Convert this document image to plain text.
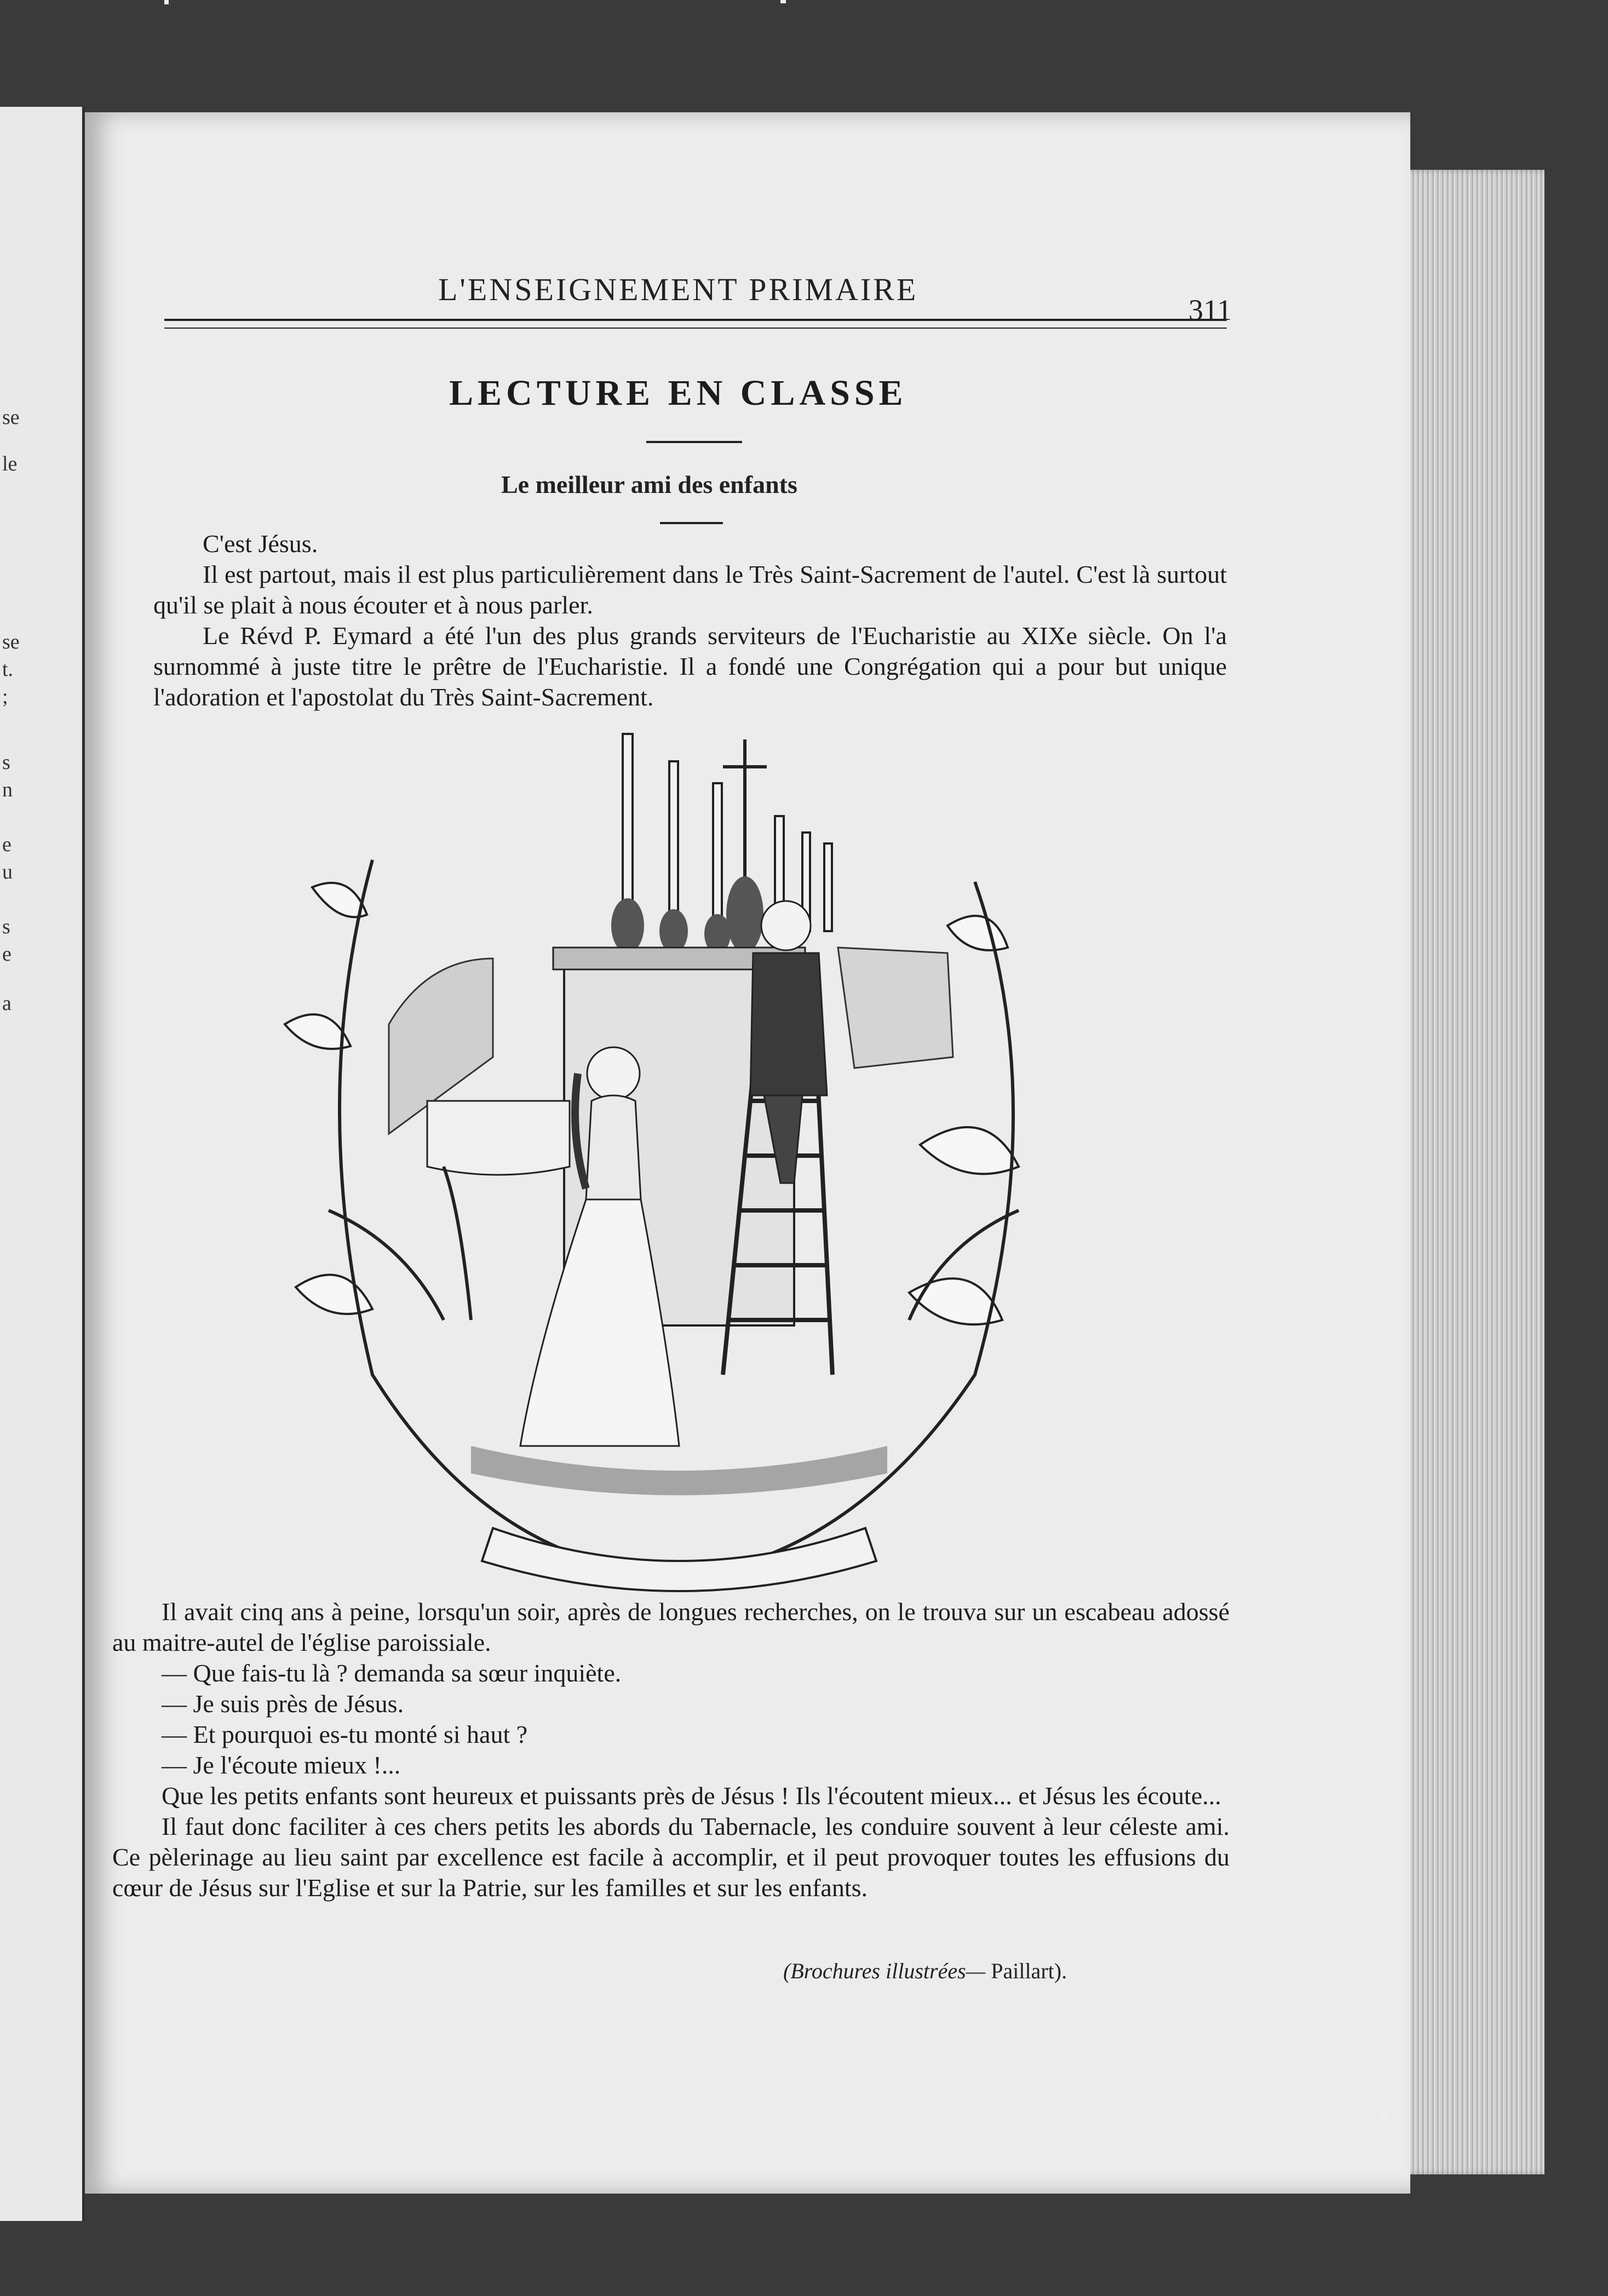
se
le
se
t.
;
s
n
e
u
s
e
a
L'ENSEIGNEMENT PRIMAIRE
311
LECTURE EN CLASSE
Le meilleur ami des enfants

C'est Jésus.

Il est partout, mais il est plus particulièrement dans le Très Saint-Sacrement de l'autel. C'est là surtout qu'il se plait à nous écouter et à nous parler.

Le Révd P. Eymard a été l'un des plus grands serviteurs de l'Eucharistie au XIXe siècle. On l'a surnommé à juste titre le prêtre de l'Eucharistie. Il a fondé une Congrégation qui a pour but unique l'adoration et l'apostolat du Très Saint-Sacrement.

Il avait cinq ans à peine, lorsqu'un soir, après de longues recherches, on le trouva sur un escabeau adossé au maitre-autel de l'église paroissiale.

— Que fais-tu là ? demanda sa sœur inquiète.

— Je suis près de Jésus.

— Et pourquoi es-tu monté si haut ?

— Je l'écoute mieux !...

Que les petits enfants sont heureux et puissants près de Jésus ! Ils l'écoutent mieux... et Jésus les écoute...

Il faut donc faciliter à ces chers petits les abords du Tabernacle, les conduire souvent à leur céleste ami. Ce pèlerinage au lieu saint par excellence est facile à accomplir, et il peut provoquer toutes les effusions du cœur de Jésus sur l'Eglise et sur la Patrie, sur les familles et sur les enfants.

(Brochures illustrées— Paillart).
